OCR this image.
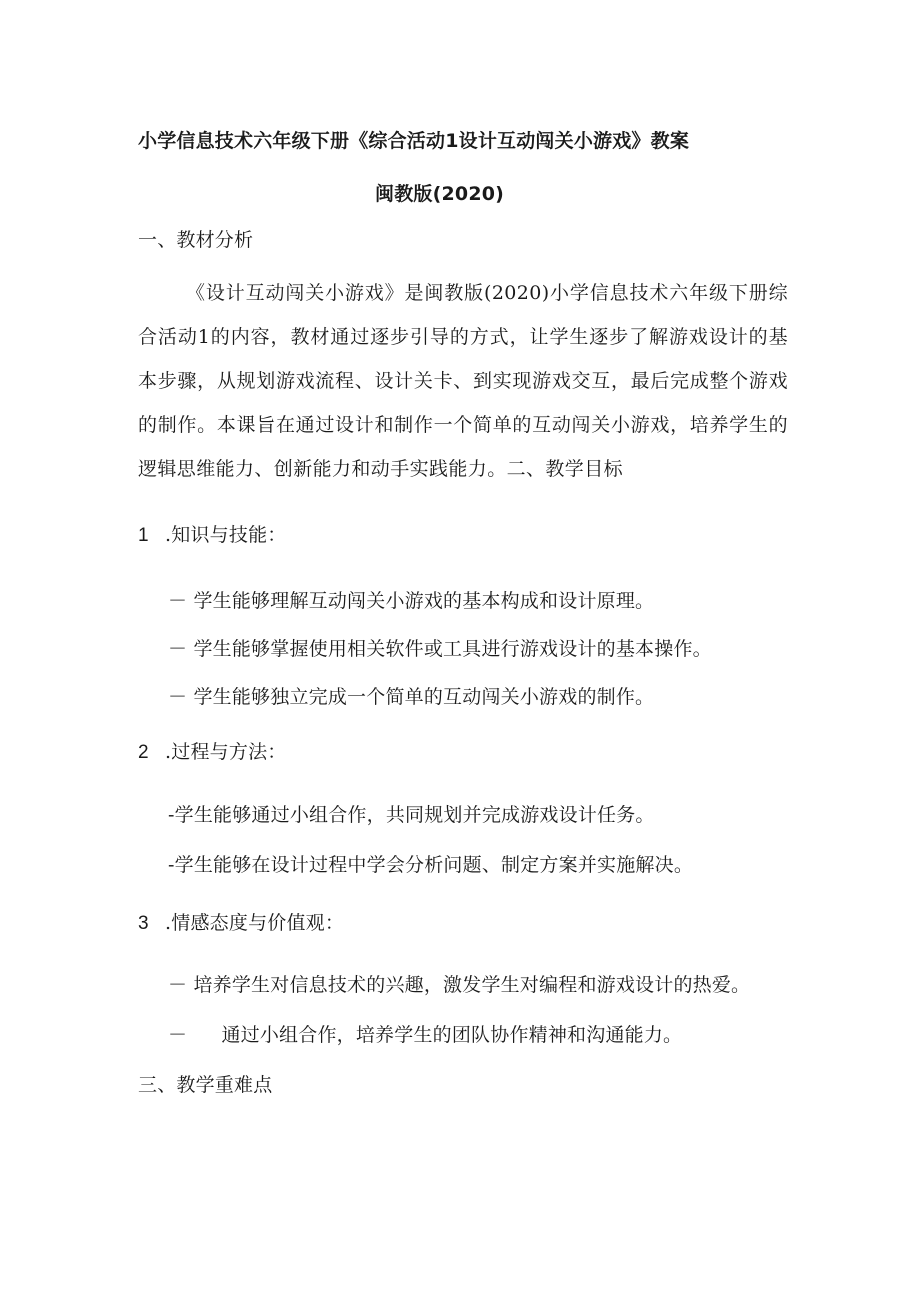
小学信息技术六年级下册《综合活动1设计互动闯关小游戏》教案
闽教版(2020)
一、教材分析
《设计互动闯关小游戏》是闽教版(2020)小学信息技术六年级下册综合活动1的内容，教材通过逐步引导的方式，让学生逐步了解游戏设计的基本步骤，从规划游戏流程、设计关卡、到实现游戏交互，最后完成整个游戏的制作。本课旨在通过设计和制作一个简单的互动闯关小游戏，培养学生的逻辑思维能力、创新能力和动手实践能力。二、教学目标
1 .知识与技能：
－ 学生能够理解互动闯关小游戏的基本构成和设计原理。
－ 学生能够掌握使用相关软件或工具进行游戏设计的基本操作。
－ 学生能够独立完成一个简单的互动闯关小游戏的制作。
2 .过程与方法：
-学生能够通过小组合作，共同规划并完成游戏设计任务。
-学生能够在设计过程中学会分析问题、制定方案并实施解决。
3 .情感态度与价值观：
－ 培养学生对信息技术的兴趣，激发学生对编程和游戏设计的热爱。
－ 通过小组合作，培养学生的团队协作精神和沟通能力。
三、教学重难点
